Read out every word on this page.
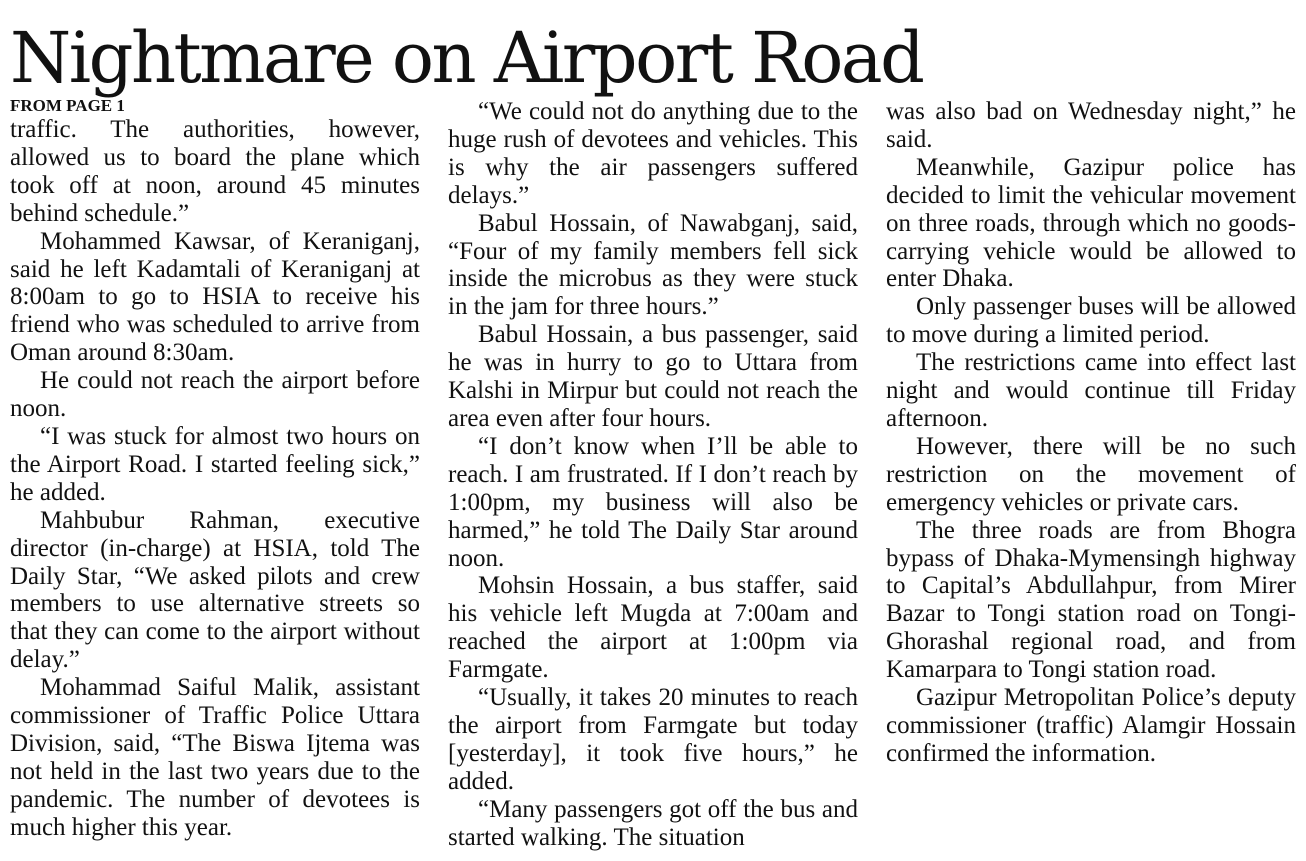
Nightmare on Airport Road
FROM PAGE 1

traffic. The authorities, however, allowed us to board the plane which took off at noon, around 45 minutes behind schedule.”

Mohammed Kawsar, of Keraniganj, said he left Kadamtali of Keraniganj at 8:00am to go to HSIA to receive his friend who was scheduled to arrive from Oman around 8:30am.

He could not reach the airport before noon.

“I was stuck for almost two hours on the Airport Road. I started feeling sick,” he added.

Mahbubur Rahman, executive director (in-charge) at HSIA, told The Daily Star, “We asked pilots and crew members to use alternative streets so that they can come to the airport without delay.”

Mohammad Saiful Malik, assistant commissioner of Traffic Police Uttara Division, said, “The Biswa Ijtema was not held in the last two years due to the pandemic. The number of devotees is much higher this year.

“We could not do anything due to the huge rush of devotees and vehicles. This is why the air passengers suffered delays.”

Babul Hossain, of Nawabganj, said, “Four of my family members fell sick inside the microbus as they were stuck in the jam for three hours.”

Babul Hossain, a bus passenger, said he was in hurry to go to Uttara from Kalshi in Mirpur but could not reach the area even after four hours.

“I don’t know when I’ll be able to reach. I am frustrated. If I don’t reach by 1:00pm, my business will also be harmed,” he told The Daily Star around noon.

Mohsin Hossain, a bus staffer, said his vehicle left Mugda at 7:00am and reached the airport at 1:00pm via Farmgate.

“Usually, it takes 20 minutes to reach the airport from Farmgate but today [yesterday], it took five hours,” he added.

“Many passengers got off the bus and started walking. The situation

was also bad on Wednesday night,” he said.

Meanwhile, Gazipur police has decided to limit the vehicular movement on three roads, through which no goods-carrying vehicle would be allowed to enter Dhaka.

Only passenger buses will be allowed to move during a limited period.

The restrictions came into effect last night and would continue till Friday afternoon.

However, there will be no such restriction on the movement of emergency vehicles or private cars.

The three roads are from Bhogra bypass of Dhaka-Mymensingh highway to Capital’s Abdullahpur, from Mirer Bazar to Tongi station road on Tongi-Ghorashal regional road, and from Kamarpara to Tongi station road.

Gazipur Metropolitan Police’s deputy commissioner (traffic) Alamgir Hossain confirmed the information.
